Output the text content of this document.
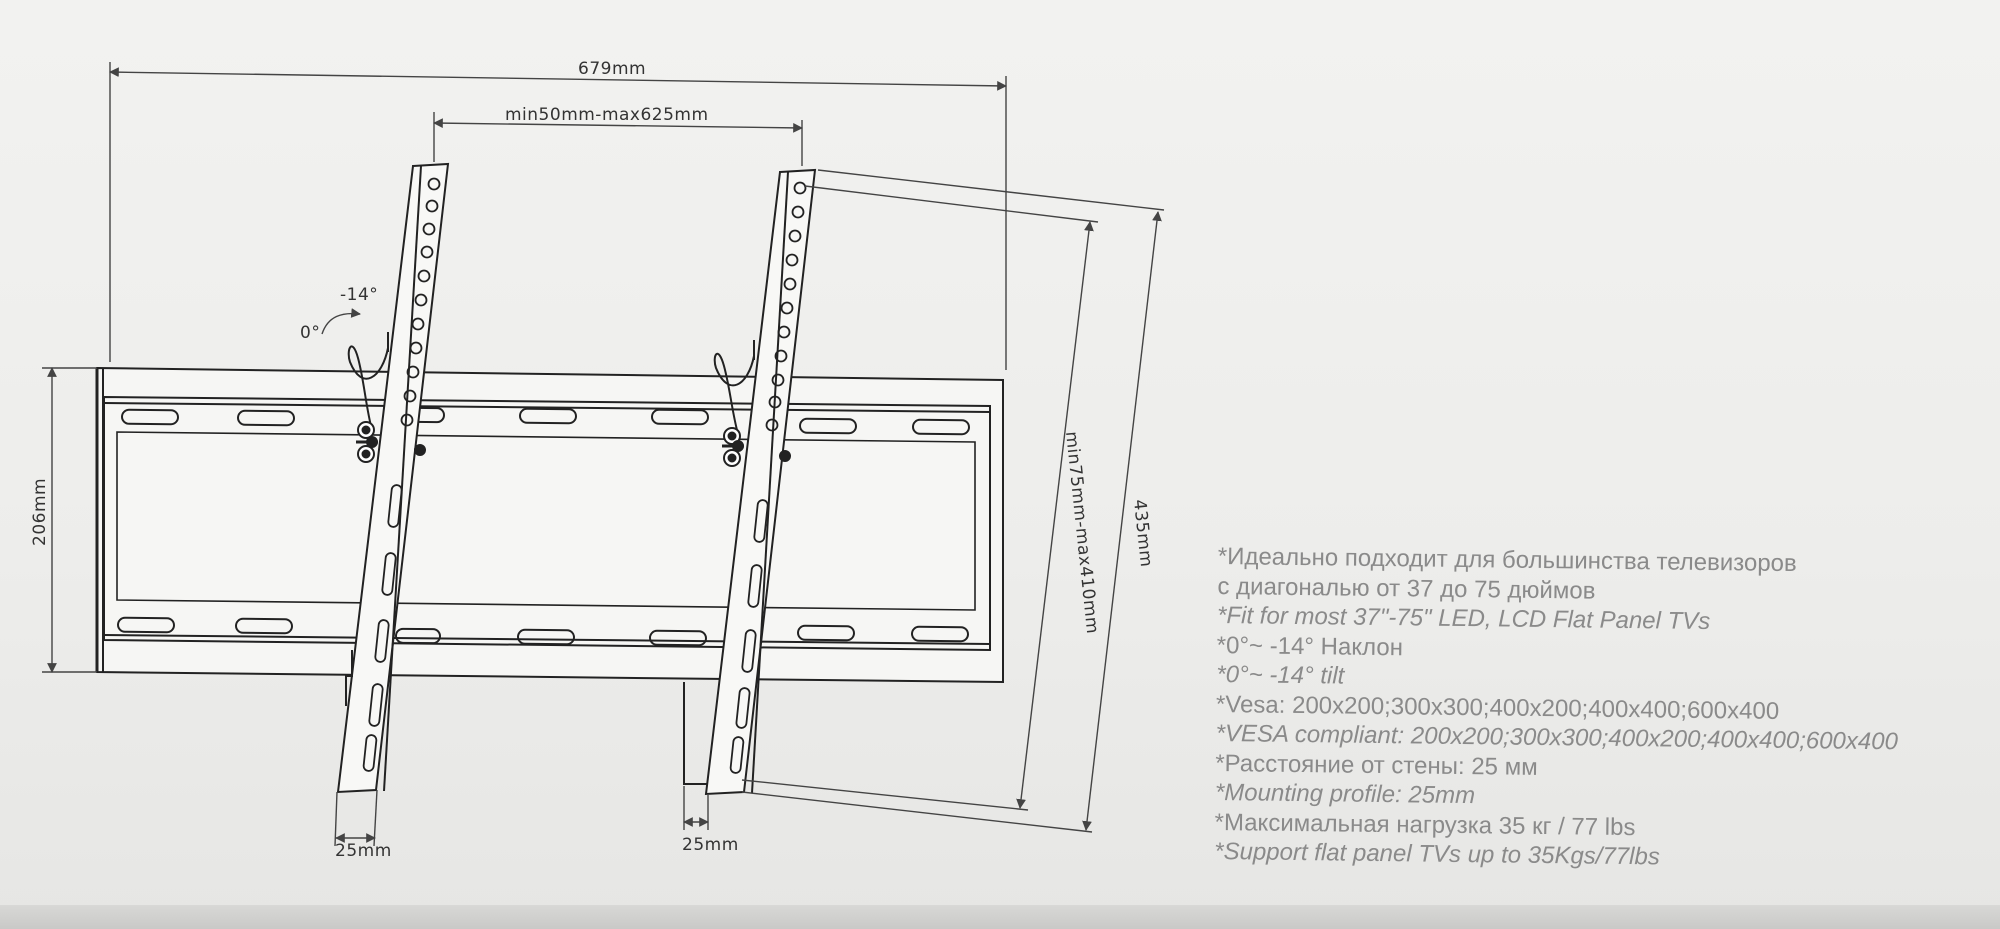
679mm
min50mm-max625mm
206mm	min75mm-max410mm 435mm
25mm	25mm
0°
-14°
*Идеально подходит для большинства телевизоров
с диагональю от 37 до 75 дюймов
*Fit for most 37"-75" LED, LCD Flat Panel TVs
*0°~ -14° Наклон
*0°~ -14° tilt
*Vesa: 200x200;300x300;400x200;400x400;600x400
*VESA compliant: 200x200;300x300;400x200;400x400;600x400
*Расстояние от стены: 25 мм
*Mounting profile: 25mm
*Максимальная нагрузка 35 кг / 77 lbs
*Support flat panel TVs up to 35Kgs/77lbs
